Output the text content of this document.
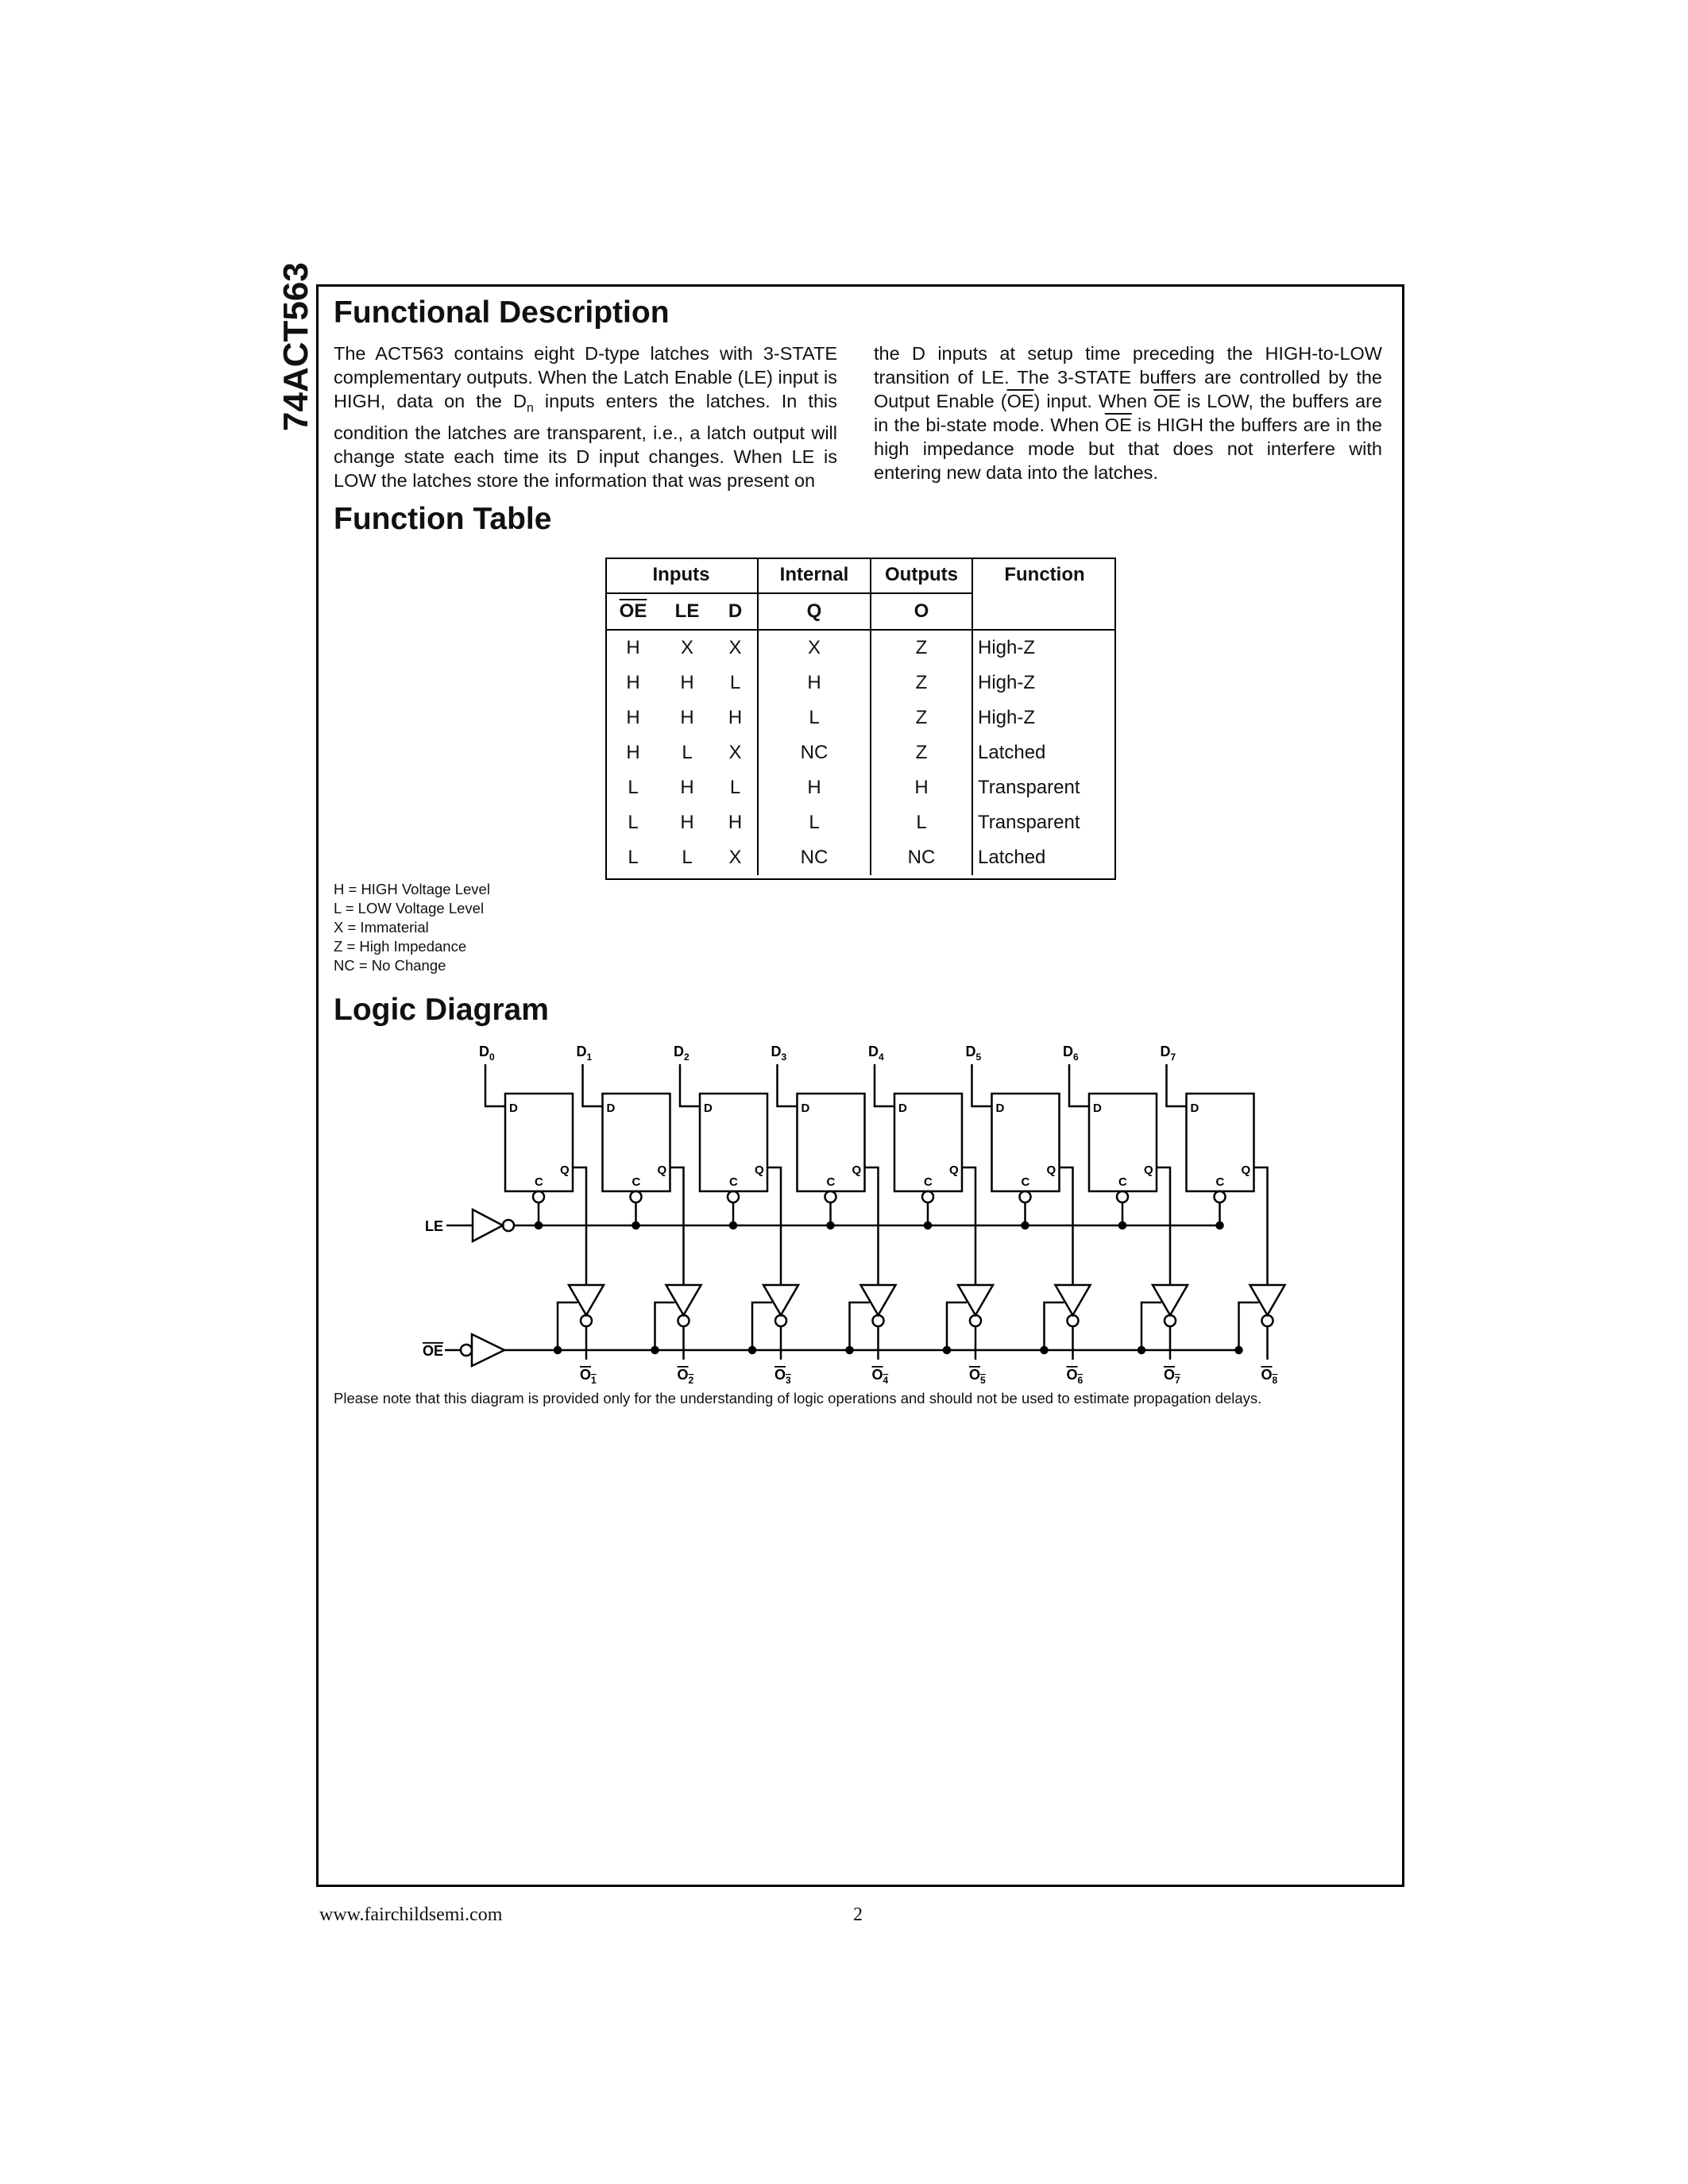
74ACT563 Functional Description

The ACT563 contains eight D-type latches with 3-STATE complementary outputs. When the Latch Enable (LE) input is HIGH, data on the $D_n$ inputs enters the latches. In this condition the latches are transparent, i.e., a latch output will change state each time its D input changes. When LE is LOW the latches store the information that was present on

the D inputs at setup time preceding the HIGH-to-LOW transition of LE. The 3-STATE buffers are controlled by the Output Enable $(\overline{OE})$ input. When $\overline{OE}$ is LOW, the buffers are in the bi-state mode. When $\overline{OE}$ is HIGH the buffers are in the high impedance mode but that does not interfere with entering new data into the latches.

Function Table
Inputs			Internal	Outputs	Function
$\overline{OE}$	LE	D	Q	O	
H	X	X	X	Z	High-Z
H	H	L	H	Z	High-Z
H	H	H	L	Z	High-Z
H	L	X	NC	Z	Latched
L	H	L	H	H	Transparent
L	H	H	L	L	Transparent
L	L	X	NC	NC	Latched
H = HIGH Voltage Level
L = LOW Voltage Level
X = Immaterial
Z = High Impedance
NC = No Change
Logic Diagram
$D_0$
D
Q
C
$O_1$
$D_1$
D
Q
C
$O_2$
$D_2$
D
Q
C
$O_3$
$D_3$
D
Q
C
$O_4$
$D_4$
D
Q
C
$O_5$
$D_5$
D
Q
C
$O_6$
$D_6$
D
Q
C
$O_7$
$D_7$
D
Q
C
$O_8$
LE
OE
Please note that this diagram is provided only for the understanding of logic operations and should not be used to estimate propagation delays.
www.fairchildsemi.com	2
